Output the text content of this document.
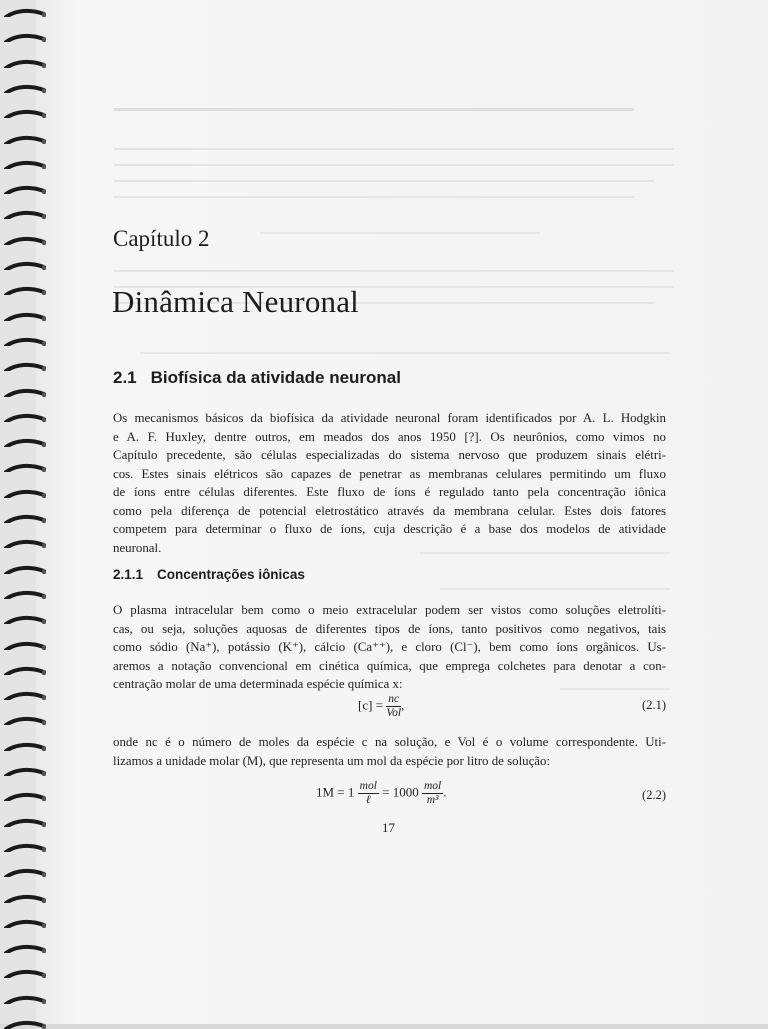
Capítulo 2
Dinâmica Neuronal
2.1 Biofísica da atividade neuronal
Os mecanismos básicos da biofísica da atividade neuronal foram identificados por A. L. Hodgkin
e A. F. Huxley, dentre outros, em meados dos anos 1950 [?]. Os neurônios, como vimos no
Capítulo precedente, são células especializadas do sistema nervoso que produzem sinais elétri-
cos. Estes sinais elétricos são capazes de penetrar as membranas celulares permitindo um fluxo
de íons entre células diferentes. Este fluxo de íons é regulado tanto pela concentração iônica
como pela diferença de potencial eletrostático através da membrana celular. Estes dois fatores
competem para determinar o fluxo de íons, cuja descrição é a base dos modelos de atividade
neuronal.
2.1.1 Concentrações iônicas
O plasma intracelular bem como o meio extracelular podem ser vistos como soluções eletrolíti-
cas, ou seja, soluções aquosas de diferentes tipos de íons, tanto positivos como negativos, tais
como sódio (Na⁺), potássio (K⁺), cálcio (Ca⁺⁺), e cloro (Cl⁻), bem como íons orgânicos. Us-
aremos a notação convencional em cinética química, que emprega colchetes para denotar a con-
centração molar de uma determinada espécie química x:
$[c] = \frac{nc}{\text{Vol}}$ ,	(2.1)
onde nc é o número de moles da espécie c na solução, e Vol é o volume correspondente. Uti-
lizamos a unidade molar (M), que representa um mol da espécie por litro de solução:
$1M = 1 \frac{\text{mol}}{\text{ℓ}} = 1000 \frac{\text{mol}}{\text{m³}}$ .	(2.2)
17
